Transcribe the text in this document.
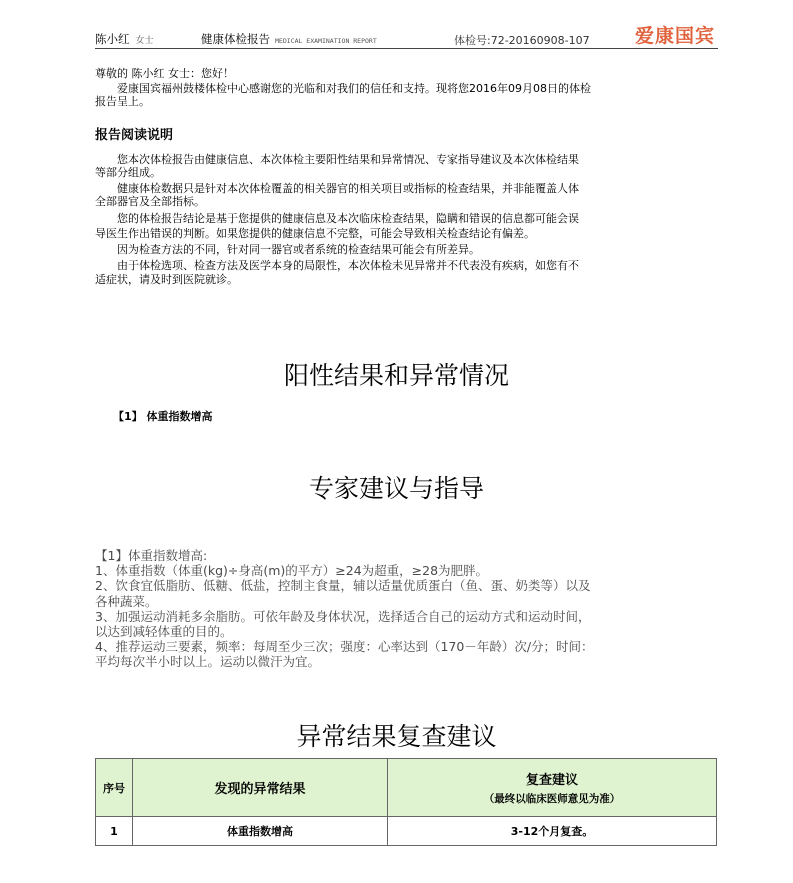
陈小红 女士	健康体检报告 MEDICAL EXAMINATION REPORT	体检号:72-20160908-107 爱康国宾
尊敬的 陈小红 女士：您好！
爱康国宾福州鼓楼体检中心感谢您的光临和对我们的信任和支持。现将您2016年09月08日的体检
报告呈上。
报告阅读说明
您本次体检报告由健康信息、本次体检主要阳性结果和异常情况、专家指导建议及本次体检结果
等部分组成。
健康体检数据只是针对本次体检覆盖的相关器官的相关项目或指标的检查结果，并非能覆盖人体
全部器官及全部指标。
您的体检报告结论是基于您提供的健康信息及本次临床检查结果，隐瞒和错误的信息都可能会误
导医生作出错误的判断。如果您提供的健康信息不完整，可能会导致相关检查结论有偏差。
因为检查方法的不同，针对同一器官或者系统的检查结果可能会有所差异。
由于体检选项、检查方法及医学本身的局限性，本次体检未见异常并不代表没有疾病，如您有不
适症状，请及时到医院就诊。
阳性结果和异常情况
【1】 体重指数增高
专家建议与指导
【1】体重指数增高:
1、体重指数（体重(kg)÷身高(m)的平方）≥24为超重，≥28为肥胖。
2、饮食宜低脂肪、低糖、低盐，控制主食量，辅以适量优质蛋白（鱼、蛋、奶类等）以及
各种蔬菜。
3、加强运动消耗多余脂肪。可依年龄及身体状况，选择适合自己的运动方式和运动时间，
以达到减轻体重的目的。
4、推荐运动三要素，频率：每周至少三次；强度：心率达到（170－年龄）次/分；时间：
平均每次半小时以上。运动以微汗为宜。
异常结果复查建议
序号	发现的异常结果	复查建议
（最终以临床医师意见为准）

1	体重指数增高	3-12个月复查。
